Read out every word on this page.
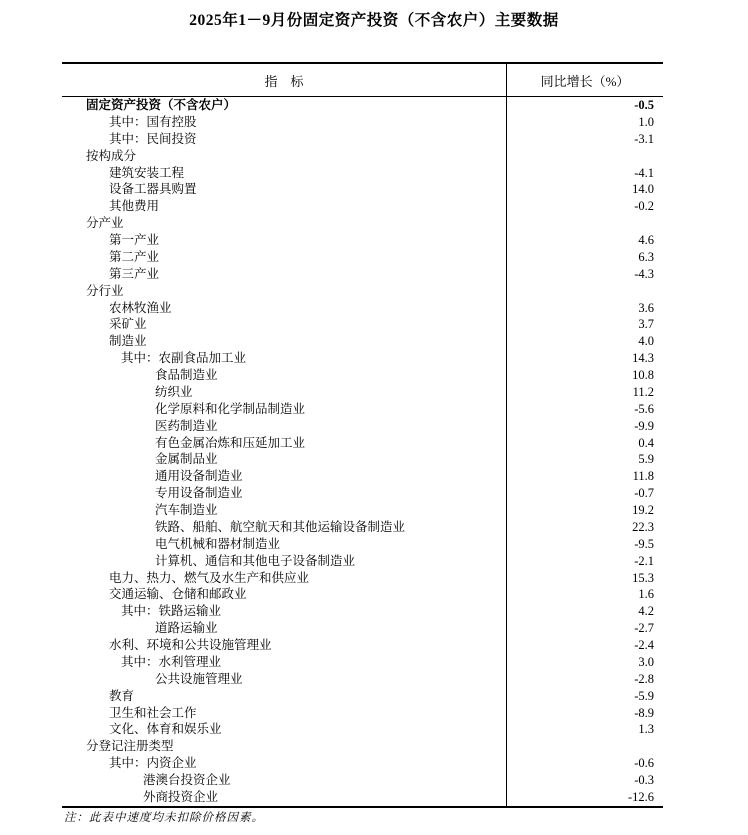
2025年1－9月份固定资产投资（不含农户）主要数据
指　标	同比增长（%）
固定资产投资（不含农户）	-0.5
其中：国有控股	1.0
其中：民间投资	-3.1
按构成分
建筑安装工程	-4.1
设备工器具购置	14.0
其他费用	-0.2
分产业
第一产业	4.6
第二产业	6.3
第三产业	-4.3
分行业
农林牧渔业	3.6
采矿业	3.7
制造业	4.0
其中：农副食品加工业	14.3
食品制造业	10.8
纺织业	11.2
化学原料和化学制品制造业	-5.6
医药制造业	-9.9
有色金属冶炼和压延加工业	0.4
金属制品业	5.9
通用设备制造业	11.8
专用设备制造业	-0.7
汽车制造业	19.2
铁路、船舶、航空航天和其他运输设备制造业	22.3
电气机械和器材制造业	-9.5
计算机、通信和其他电子设备制造业	-2.1
电力、热力、燃气及水生产和供应业	15.3
交通运输、仓储和邮政业	1.6
其中：铁路运输业	4.2
道路运输业	-2.7
水利、环境和公共设施管理业	-2.4
其中：水利管理业	3.0
公共设施管理业	-2.8
教育	-5.9
卫生和社会工作	-8.9
文化、体育和娱乐业	1.3
分登记注册类型
其中：内资企业	-0.6
港澳台投资企业	-0.3
外商投资企业	-12.6

注：此表中速度均未扣除价格因素。
